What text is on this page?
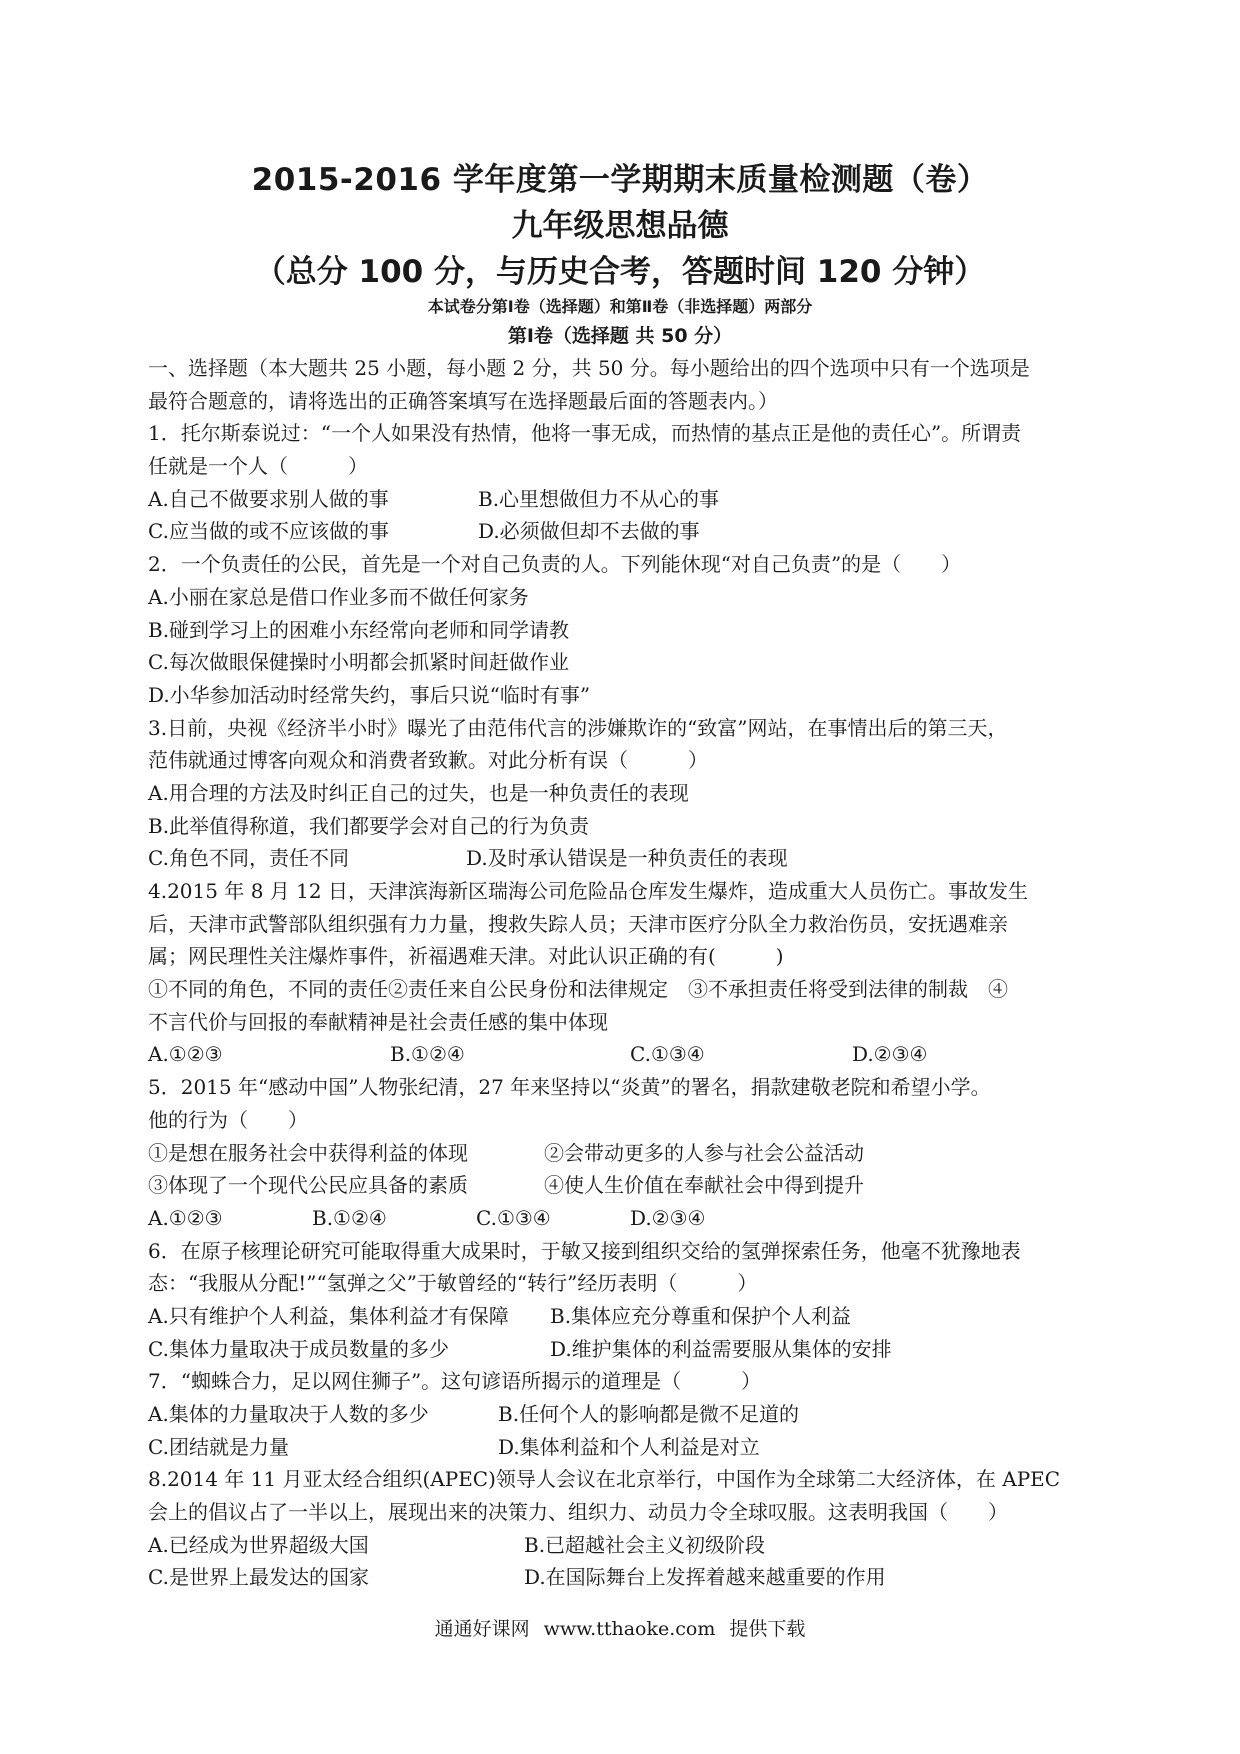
2015-2016 学年度第一学期期末质量检测题（卷）
九年级思想品德
（总分 100 分，与历史合考，答题时间 120 分钟）
本试卷分第Ⅰ卷（选择题）和第Ⅱ卷（非选择题）两部分
第Ⅰ卷（选择题 共 50 分）
一、选择题（本大题共 25 小题，每小题 2 分，共 50 分。每小题给出的四个选项中只有一个选项是
最符合题意的，请将选出的正确答案填写在选择题最后面的答题表内。）
1．托尔斯泰说过：“一个人如果没有热情，他将一事无成，而热情的基点正是他的责任心”。所谓责
任就是一个人（　　　）
A.自己不做要求别人做的事	B.心里想做但力不从心的事
C.应当做的或不应该做的事	D.必须做但却不去做的事
2．一个负责任的公民，首先是一个对自己负责的人。下列能休现“对自己负责”的是（　　）
A.小丽在家总是借口作业多而不做任何家务
B.碰到学习上的困难小东经常向老师和同学请教
C.每次做眼保健操时小明都会抓紧时间赶做作业
D.小华参加活动时经常失约，事后只说“临时有事”
3.日前，央视《经济半小时》曝光了由范伟代言的涉嫌欺诈的“致富”网站，在事情出后的第三天，
范伟就通过博客向观众和消费者致歉。对此分析有误（　　　）
A.用合理的方法及时纠正自己的过失，也是一种负责任的表现
B.此举值得称道，我们都要学会对自己的行为负责
C.角色不同，责任不同	D.及时承认错误是一种负责任的表现
4.2015 年 8 月 12 日，天津滨海新区瑞海公司危险品仓库发生爆炸，造成重大人员伤亡。事故发生
后，天津市武警部队组织强有力力量，搜救失踪人员；天津市医疗分队全力救治伤员，安抚遇难亲
属；网民理性关注爆炸事件，祈福遇难天津。对此认识正确的有(　　　)
①不同的角色，不同的责任②责任来自公民身份和法律规定　③不承担责任将受到法律的制裁　④
不言代价与回报的奉献精神是社会责任感的集中体现
A.①②③	B.①②④	C.①③④	D.②③④
5．2015 年“感动中国”人物张纪清，27 年来坚持以“炎黄”的署名，捐款建敬老院和希望小学。
他的行为（　　）
①是想在服务社会中获得利益的体现	②会带动更多的人参与社会公益活动
③体现了一个现代公民应具备的素质	④使人生价值在奉献社会中得到提升
A.①②③	B.①②④	C.①③④	D.②③④
6．在原子核理论研究可能取得重大成果时，于敏又接到组织交给的氢弹探索任务，他毫不犹豫地表
态：“我服从分配!”“氢弹之父”于敏曾经的“转行”经历表明（　　　）
A.只有维护个人利益，集体利益才有保障	B.集体应充分尊重和保护个人利益
C.集体力量取决于成员数量的多少	D.维护集体的利益需要服从集体的安排
7．“蜘蛛合力，足以网住狮子”。这句谚语所揭示的道理是（　　　）
A.集体的力量取决于人数的多少	B.任何个人的影响都是微不足道的
C.团结就是力量	D.集体利益和个人利益是对立
8.2014 年 11 月亚太经合组织(APEC)领导人会议在北京举行，中国作为全球第二大经济体，在 APEC
会上的倡议占了一半以上，展现出来的决策力、组织力、动员力令全球叹服。这表明我国（　　）
A.已经成为世界超级大国	B.已超越社会主义初级阶段
C.是世界上最发达的国家	D.在国际舞台上发挥着越来越重要的作用
通通好课网 www.tthaoke.com 提供下载
